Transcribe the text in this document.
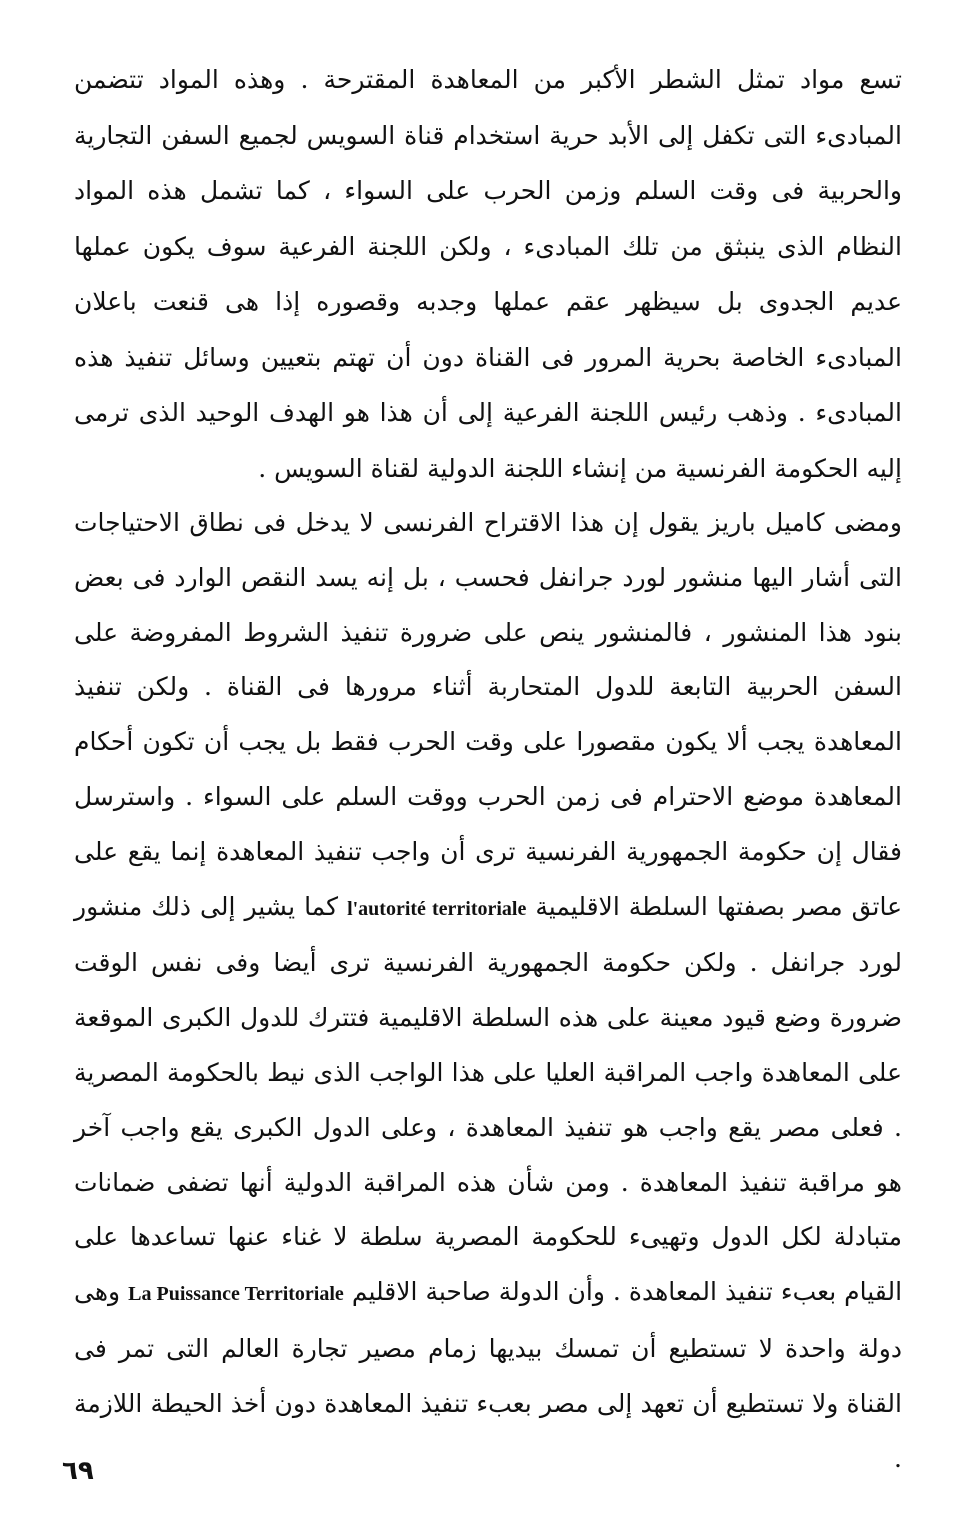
تسع مواد تمثل الشطر الأكبر من المعاهدة المقترحة . وهذه المواد تتضمن المبادىء التى تكفل إلى الأبد حرية استخدام قناة السويس لجميع السفن التجارية والحربية فى وقت السلم وزمن الحرب على السواء ، كما تشمل هذه المواد النظام الذى ينبثق من تلك المبادىء ، ولكن اللجنة الفرعية سوف يكون عملها عديم الجدوى بل سيظهر عقم عملها وجدبه وقصوره إذا هى قنعت باعلان المبادىء الخاصة بحرية المرور فى القناة دون أن تهتم بتعيين وسائل تنفيذ هذه المبادىء . وذهب رئيس اللجنة الفرعية إلى أن هذا هو الهدف الوحيد الذى ترمى إليه الحكومة الفرنسية من إنشاء اللجنة الدولية لقناة السويس .

ومضى كاميل باريز يقول إن هذا الاقتراح الفرنسى لا يدخل فى نطاق الاحتياجات التى أشار اليها منشور لورد جرانفل فحسب ، بل إنه يسد النقص الوارد فى بعض بنود هذا المنشور ، فالمنشور ينص على ضرورة تنفيذ الشروط المفروضة على السفن الحربية التابعة للدول المتحاربة أثناء مرورها فى القناة . ولكن تنفيذ المعاهدة يجب ألا يكون مقصورا على وقت الحرب فقط بل يجب أن تكون أحكام المعاهدة موضع الاحترام فى زمن الحرب ووقت السلم على السواء . واسترسل فقال إن حكومة الجمهورية الفرنسية ترى أن واجب تنفيذ المعاهدة إنما يقع على عاتق مصر بصفتها السلطة الاقليمية l'autorité territoriale كما يشير إلى ذلك منشور لورد جرانفل . ولكن حكومة الجمهورية الفرنسية ترى أيضا وفى نفس الوقت ضرورة وضع قيود معينة على هذه السلطة الاقليمية فتترك للدول الكبرى الموقعة على المعاهدة واجب المراقبة العليا على هذا الواجب الذى نيط بالحكومة المصرية . فعلى مصر يقع واجب هو تنفيذ المعاهدة ، وعلى الدول الكبرى يقع واجب آخر هو مراقبة تنفيذ المعاهدة . ومن شأن هذه المراقبة الدولية أنها تضفى ضمانات متبادلة لكل الدول وتهيىء للحكومة المصرية سلطة لا غناء عنها تساعدها على القيام بعبء تنفيذ المعاهدة . وأن الدولة صاحبة الاقليم La Puissance Territoriale وهى دولة واحدة لا تستطيع أن تمسك بيديها زمام مصير تجارة العالم التى تمر فى القناة ولا تستطيع أن تعهد إلى مصر بعبء تنفيذ المعاهدة دون أخذ الحيطة اللازمة .

٦٩
